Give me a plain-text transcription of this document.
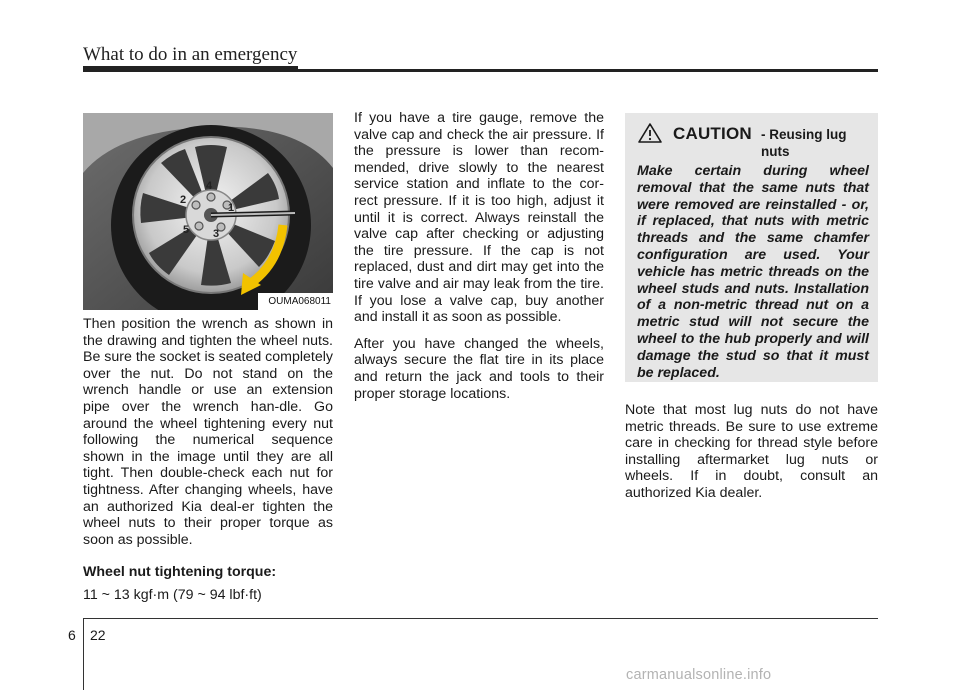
What to do in an emergency
1
2
3
4
5
OUMA068011

Then position the wrench as shown in the drawing and tighten the wheel nuts. Be sure the socket is seated completely over the nut. Do not stand on the wrench handle or use an extension pipe over the wrench han-dle. Go around the wheel tightening every nut following the numerical sequence shown in the image until they are all tight. Then double-check each nut for tightness. After changing wheels, have an authorized Kia deal-er tighten the wheel nuts to their proper torque as soon as possible.

Wheel nut tightening torque:

11 ~ 13 kgf·m (79 ~ 94 lbf·ft)

If you have a tire gauge, remove the valve cap and check the air pressure. If the pressure is lower than recom-mended, drive slowly to the nearest service station and inflate to the cor-rect pressure. If it is too high, adjust it until it is correct. Always reinstall the valve cap after checking or adjusting the tire pressure. If the cap is not replaced, dust and dirt may get into the tire valve and air may leak from the tire. If you lose a valve cap, buy another and install it as soon as possible.

After you have changed the wheels, always secure the flat tire in its place and return the jack and tools to their proper storage locations.

CAUTION - Reusing lug nuts
Make certain during wheel removal that the same nuts that were removed are reinstalled - or, if replaced, that nuts with metric threads and the same chamfer configuration are used. Your vehicle has metric threads on the wheel studs and nuts. Installation of a non-metric thread nut on a metric stud will not secure the wheel to the hub properly and will damage the stud so that it must be replaced.

Note that most lug nuts do not have metric threads. Be sure to use extreme care in checking for thread style before installing aftermarket lug nuts or wheels. If in doubt, consult an authorized Kia dealer.

6 22
carmanualsonline.info
